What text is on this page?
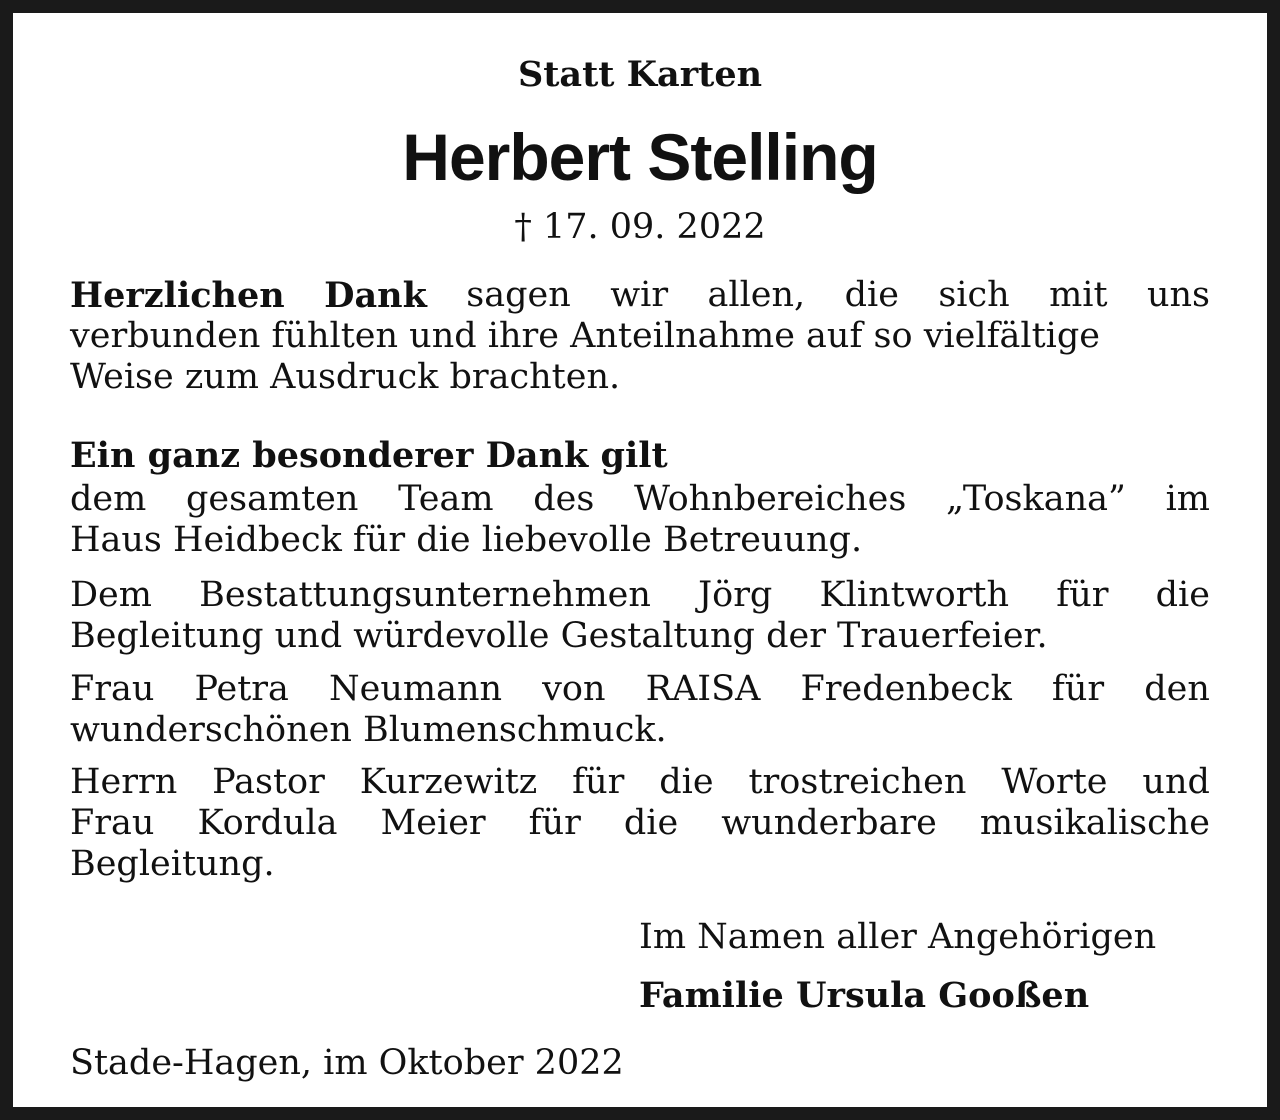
Statt Karten
Herbert Stelling
† 17. 09. 2022
Herzlichen Dank sagen wir allen, die sich mit uns
verbunden fühlten und ihre Anteilnahme auf so vielfältige
Weise zum Ausdruck brachten.
Ein ganz besonderer Dank gilt
dem gesamten Team des Wohnbereiches „Toskana” im
Haus Heidbeck für die liebevolle Betreuung.
Dem Bestattungsunternehmen Jörg Klintworth für die
Begleitung und würdevolle Gestaltung der Trauerfeier.
Frau Petra Neumann von RAISA Fredenbeck für den
wunderschönen Blumenschmuck.
Herrn Pastor Kurzewitz für die trostreichen Worte und
Frau Kordula Meier für die wunderbare musikalische
Begleitung.
Im Namen aller Angehörigen
Familie Ursula Gooßen
Stade-Hagen, im Oktober 2022
